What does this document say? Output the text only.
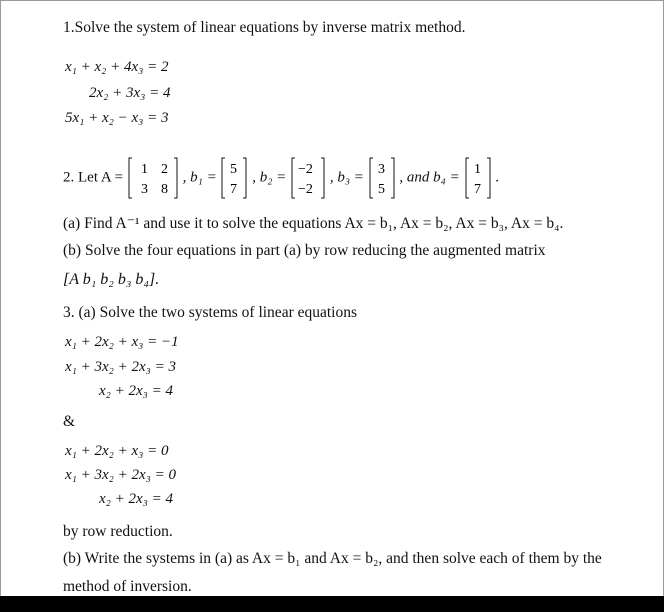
1.Solve the system of linear equations by inverse matrix method.
x₁ + x₂ + 4x₃ = 2
2x₂ + 3x₃ = 4
5x₁ + x₂ − x₃ = 3
2. Let A = 1 2
3 8
, b₁ = 5
7
, b₂ = −2
−2
, b₃ = 3
5
, and b₄ = 1
7
.
(a) Find A⁻¹ and use it to solve the equations Ax = b₁, Ax = b₂, Ax = b₃, Ax = b₄.
(b) Solve the four equations in part (a) by row reducing the augmented matrix
[A b₁ b₂ b₃ b₄].
3. (a) Solve the two systems of linear equations
x₁ + 2x₂ + x₃ = −1
x₁ + 3x₂ + 2x₃ = 3
x₂ + 2x₃ = 4
&
x₁ + 2x₂ + x₃ = 0
x₁ + 3x₂ + 2x₃ = 0
x₂ + 2x₃ = 4
by row reduction.
(b) Write the systems in (a) as Ax = b₁ and Ax = b₂, and then solve each of them by the
method of inversion.
